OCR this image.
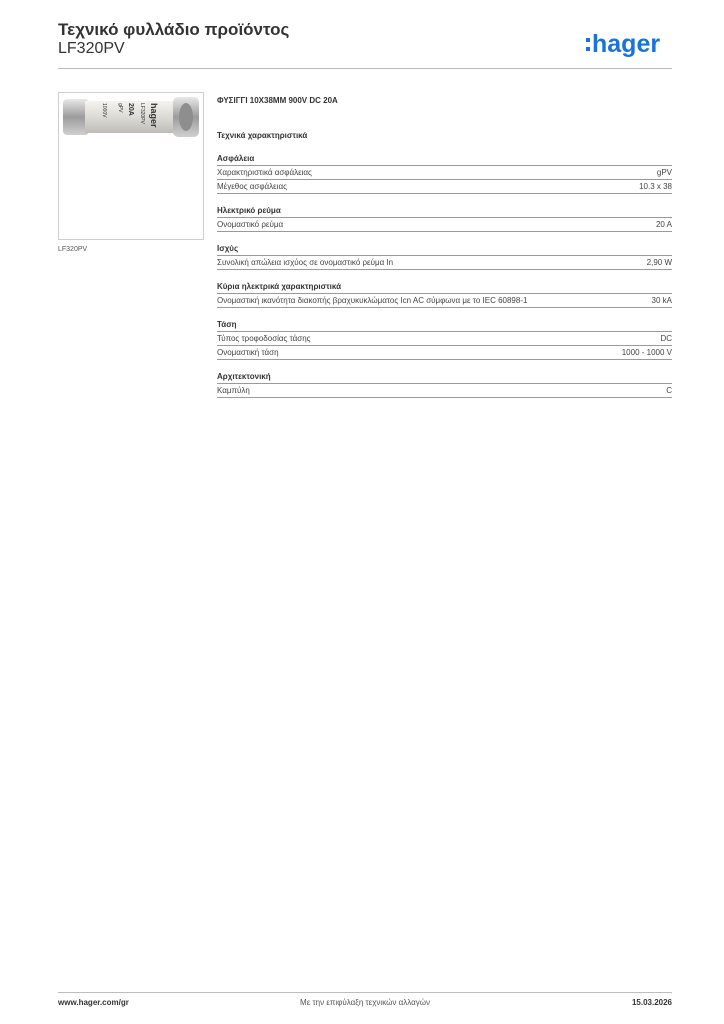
Τεχνικό φυλλάδιο προϊόντος
LF320PV	hager
hager
LF320PV
20A
gPV
1000V
LF320PV
ΦΥΣΙΓΓΙ 10X38MM 900V DC 20A
Τεχνικά χαρακτηριστικά
Ασφάλεια
Χαρακτηριστικά ασφάλειας	gPV
Μέγεθος ασφάλειας	10.3 x 38
Ηλεκτρικό ρεύμα
Ονομαστικό ρεύμα	20 A
Ισχύς
Συνολική απώλεια ισχύος σε ονομαστικό ρεύμα In	2,90 W
Κύρια ηλεκτρικά χαρακτηριστικά
Ονομαστική ικανότητα διακοπής βραχυκυκλώματος Icn AC σύμφωνα με το IEC 60898-1	30 kA
Τάση
Τύπος τροφοδοσίας τάσης	DC
Ονομαστική τάση	1000 - 1000 V
Αρχιτεκτονική
Καμπύλη	C
www.hager.com/gr	Με την επιφύλαξη τεχνικών αλλαγών	15.03.2026
